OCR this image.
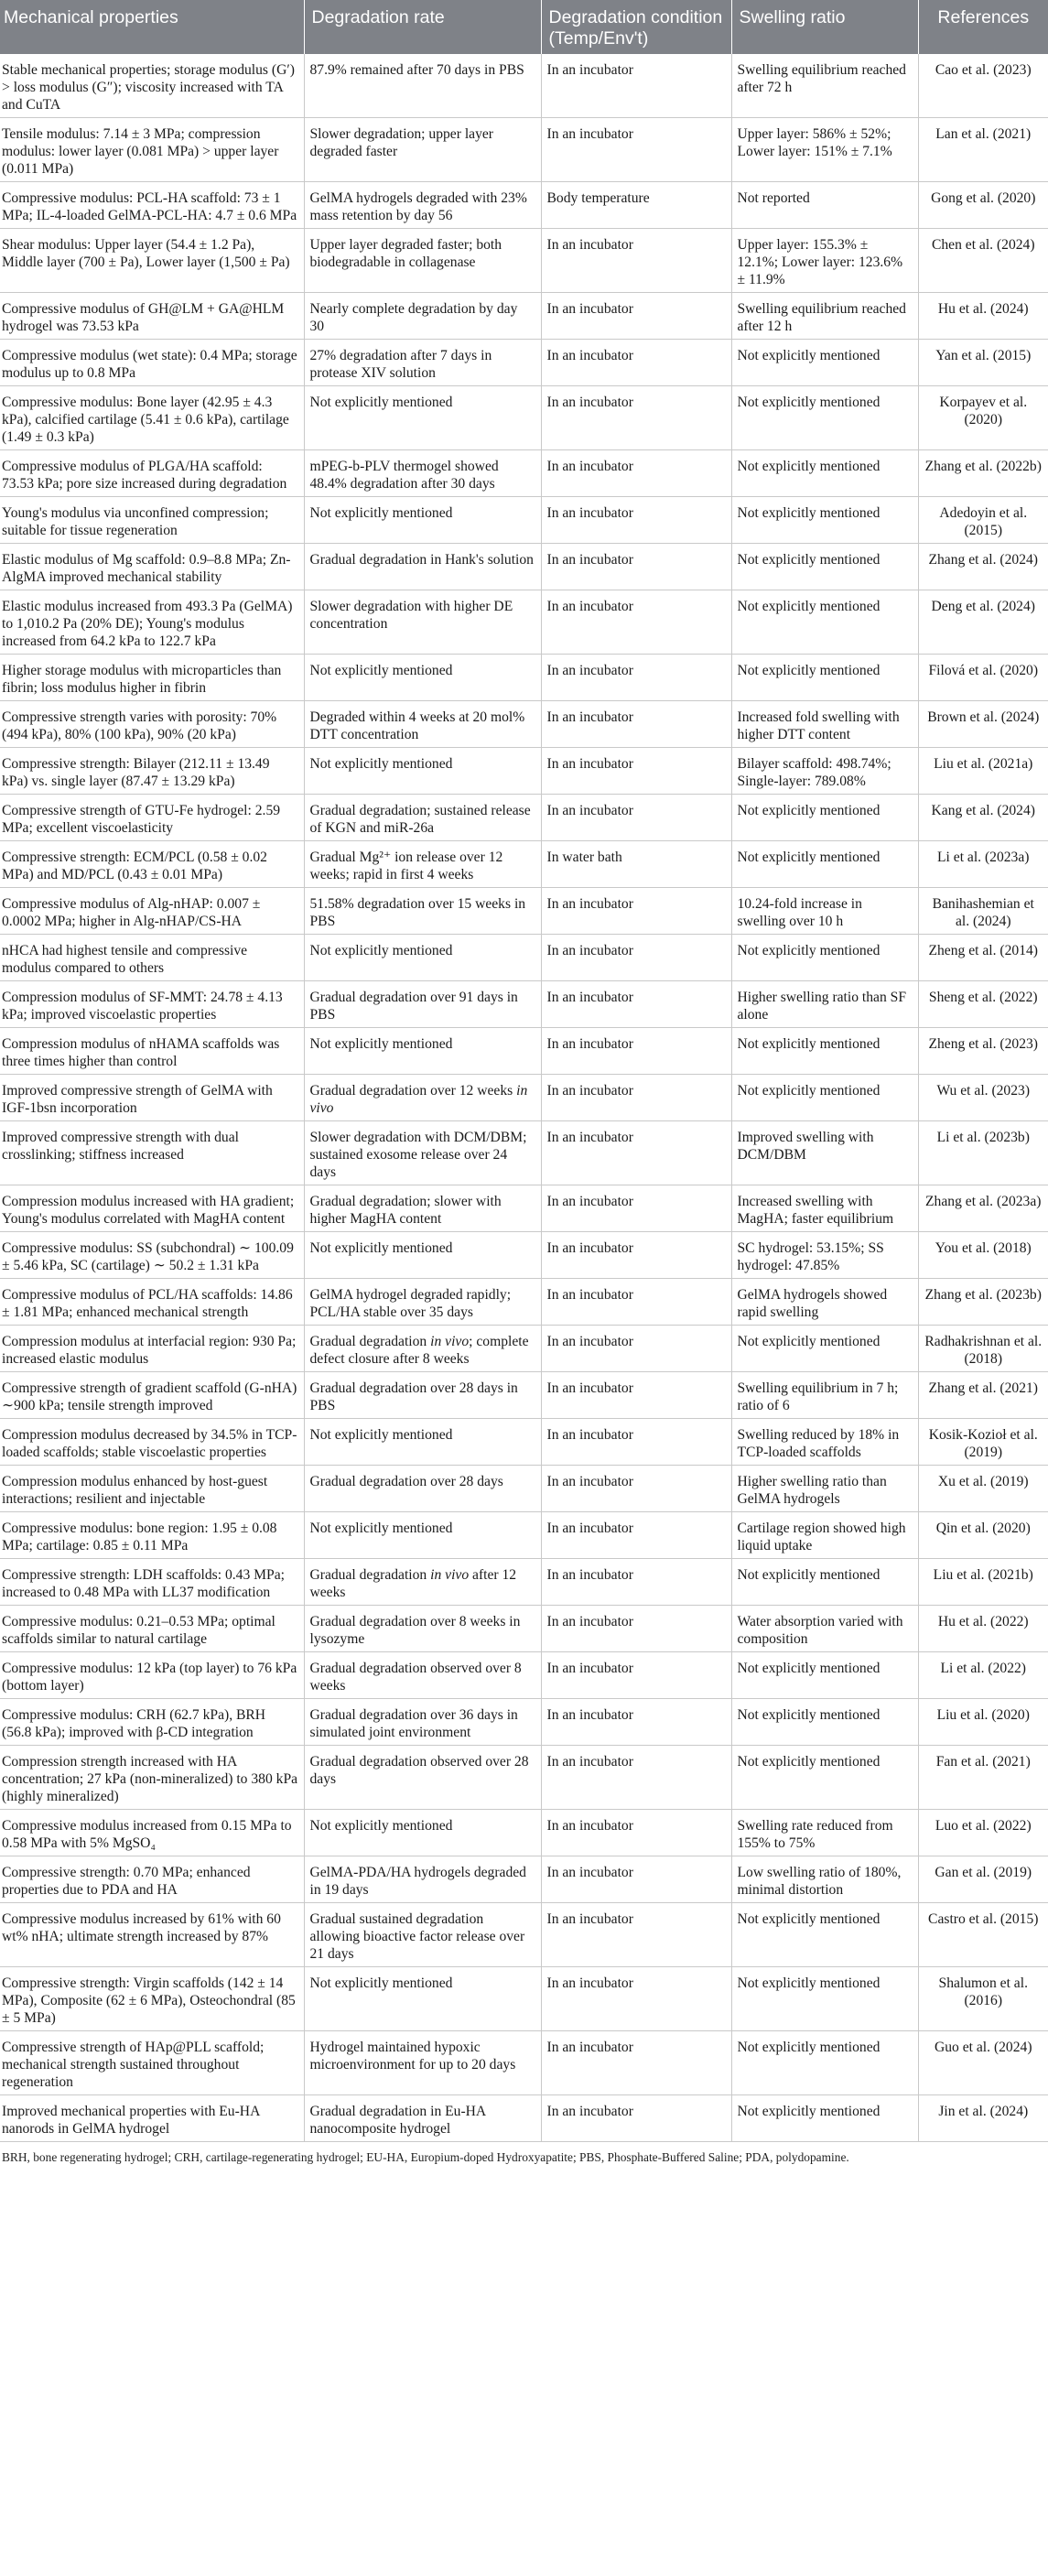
Mechanical properties	Degradation rate	Degradation condition (Temp/Env't)	Swelling ratio	References
Stable mechanical properties; storage modulus (G′) > loss modulus (G″); viscosity increased with TA and CuTA	87.9% remained after 70 days in PBS	In an incubator	Swelling equilibrium reached after 72 h	Cao et al. (2023)
Tensile modulus: 7.14 ± 3 MPa; compression modulus: lower layer (0.081 MPa) > upper layer (0.011 MPa)	Slower degradation; upper layer degraded faster	In an incubator	Upper layer: 586% ± 52%; Lower layer: 151% ± 7.1%	Lan et al. (2021)
Compressive modulus: PCL-HA scaffold: 73 ± 1 MPa; IL-4-loaded GelMA-PCL-HA: 4.7 ± 0.6 MPa	GelMA hydrogels degraded with 23% mass retention by day 56	Body temperature	Not reported	Gong et al. (2020)
Shear modulus: Upper layer (54.4 ± 1.2 Pa), Middle layer (700 ± Pa), Lower layer (1,500 ± Pa)	Upper layer degraded faster; both biodegradable in collagenase	In an incubator	Upper layer: 155.3% ± 12.1%; Lower layer: 123.6% ± 11.9%	Chen et al. (2024)
Compressive modulus of GH@LM + GA@HLM hydrogel was 73.53 kPa	Nearly complete degradation by day 30	In an incubator	Swelling equilibrium reached after 12 h	Hu et al. (2024)
Compressive modulus (wet state): 0.4 MPa; storage modulus up to 0.8 MPa	27% degradation after 7 days in protease XIV solution	In an incubator	Not explicitly mentioned	Yan et al. (2015)
Compressive modulus: Bone layer (42.95 ± 4.3 kPa), calcified cartilage (5.41 ± 0.6 kPa), cartilage (1.49 ± 0.3 kPa)	Not explicitly mentioned	In an incubator	Not explicitly mentioned	Korpayev et al. (2020)
Compressive modulus of PLGA/HA scaffold: 73.53 kPa; pore size increased during degradation	mPEG-b-PLV thermogel showed 48.4% degradation after 30 days	In an incubator	Not explicitly mentioned	Zhang et al. (2022b)
Young's modulus via unconfined compression; suitable for tissue regeneration	Not explicitly mentioned	In an incubator	Not explicitly mentioned	Adedoyin et al. (2015)
Elastic modulus of Mg scaffold: 0.9–8.8 MPa; Zn-AlgMA improved mechanical stability	Gradual degradation in Hank's solution	In an incubator	Not explicitly mentioned	Zhang et al. (2024)
Elastic modulus increased from 493.3 Pa (GelMA) to 1,010.2 Pa (20% DE); Young's modulus increased from 64.2 kPa to 122.7 kPa	Slower degradation with higher DE concentration	In an incubator	Not explicitly mentioned	Deng et al. (2024)
Higher storage modulus with microparticles than fibrin; loss modulus higher in fibrin	Not explicitly mentioned	In an incubator	Not explicitly mentioned	Filová et al. (2020)
Compressive strength varies with porosity: 70% (494 kPa), 80% (100 kPa), 90% (20 kPa)	Degraded within 4 weeks at 20 mol% DTT concentration	In an incubator	Increased fold swelling with higher DTT content	Brown et al. (2024)
Compressive strength: Bilayer (212.11 ± 13.49 kPa) vs. single layer (87.47 ± 13.29 kPa)	Not explicitly mentioned	In an incubator	Bilayer scaffold: 498.74%; Single-layer: 789.08%	Liu et al. (2021a)
Compressive strength of GTU-Fe hydrogel: 2.59 MPa; excellent viscoelasticity	Gradual degradation; sustained release of KGN and miR-26a	In an incubator	Not explicitly mentioned	Kang et al. (2024)
Compressive strength: ECM/PCL (0.58 ± 0.02 MPa) and MD/PCL (0.43 ± 0.01 MPa)	Gradual Mg²⁺ ion release over 12 weeks; rapid in first 4 weeks	In water bath	Not explicitly mentioned	Li et al. (2023a)
Compressive modulus of Alg-nHAP: 0.007 ± 0.0002 MPa; higher in Alg-nHAP/CS-HA	51.58% degradation over 15 weeks in PBS	In an incubator	10.24-fold increase in swelling over 10 h	Banihashemian et al. (2024)
nHCA had highest tensile and compressive modulus compared to others	Not explicitly mentioned	In an incubator	Not explicitly mentioned	Zheng et al. (2014)
Compression modulus of SF-MMT: 24.78 ± 4.13 kPa; improved viscoelastic properties	Gradual degradation over 91 days in PBS	In an incubator	Higher swelling ratio than SF alone	Sheng et al. (2022)
Compression modulus of nHAMA scaffolds was three times higher than control	Not explicitly mentioned	In an incubator	Not explicitly mentioned	Zheng et al. (2023)
Improved compressive strength of GelMA with IGF-1bsn incorporation	Gradual degradation over 12 weeks in vivo	In an incubator	Not explicitly mentioned	Wu et al. (2023)
Improved compressive strength with dual crosslinking; stiffness increased	Slower degradation with DCM/DBM; sustained exosome release over 24 days	In an incubator	Improved swelling with DCM/DBM	Li et al. (2023b)
Compression modulus increased with HA gradient; Young's modulus correlated with MagHA content	Gradual degradation; slower with higher MagHA content	In an incubator	Increased swelling with MagHA; faster equilibrium	Zhang et al. (2023a)
Compressive modulus: SS (subchondral) ∼ 100.09 ± 5.46 kPa, SC (cartilage) ∼ 50.2 ± 1.31 kPa	Not explicitly mentioned	In an incubator	SC hydrogel: 53.15%; SS hydrogel: 47.85%	You et al. (2018)
Compressive modulus of PCL/HA scaffolds: 14.86 ± 1.81 MPa; enhanced mechanical strength	GelMA hydrogel degraded rapidly; PCL/HA stable over 35 days	In an incubator	GelMA hydrogels showed rapid swelling	Zhang et al. (2023b)
Compression modulus at interfacial region: 930 Pa; increased elastic modulus	Gradual degradation in vivo; complete defect closure after 8 weeks	In an incubator	Not explicitly mentioned	Radhakrishnan et al. (2018)
Compressive strength of gradient scaffold (G-nHA) ∼900 kPa; tensile strength improved	Gradual degradation over 28 days in PBS	In an incubator	Swelling equilibrium in 7 h; ratio of 6	Zhang et al. (2021)
Compression modulus decreased by 34.5% in TCP-loaded scaffolds; stable viscoelastic properties	Not explicitly mentioned	In an incubator	Swelling reduced by 18% in TCP-loaded scaffolds	Kosik-Kozioł et al. (2019)
Compression modulus enhanced by host-guest interactions; resilient and injectable	Gradual degradation over 28 days	In an incubator	Higher swelling ratio than GelMA hydrogels	Xu et al. (2019)
Compressive modulus: bone region: 1.95 ± 0.08 MPa; cartilage: 0.85 ± 0.11 MPa	Not explicitly mentioned	In an incubator	Cartilage region showed high liquid uptake	Qin et al. (2020)
Compressive strength: LDH scaffolds: 0.43 MPa; increased to 0.48 MPa with LL37 modification	Gradual degradation in vivo after 12 weeks	In an incubator	Not explicitly mentioned	Liu et al. (2021b)
Compressive modulus: 0.21–0.53 MPa; optimal scaffolds similar to natural cartilage	Gradual degradation over 8 weeks in lysozyme	In an incubator	Water absorption varied with composition	Hu et al. (2022)
Compressive modulus: 12 kPa (top layer) to 76 kPa (bottom layer)	Gradual degradation observed over 8 weeks	In an incubator	Not explicitly mentioned	Li et al. (2022)
Compressive modulus: CRH (62.7 kPa), BRH (56.8 kPa); improved with β-CD integration	Gradual degradation over 36 days in simulated joint environment	In an incubator	Not explicitly mentioned	Liu et al. (2020)
Compression strength increased with HA concentration; 27 kPa (non-mineralized) to 380 kPa (highly mineralized)	Gradual degradation observed over 28 days	In an incubator	Not explicitly mentioned	Fan et al. (2021)
Compressive modulus increased from 0.15 MPa to 0.58 MPa with 5% MgSO₄	Not explicitly mentioned	In an incubator	Swelling rate reduced from 155% to 75%	Luo et al. (2022)
Compressive strength: 0.70 MPa; enhanced properties due to PDA and HA	GelMA-PDA/HA hydrogels degraded in 19 days	In an incubator	Low swelling ratio of 180%, minimal distortion	Gan et al. (2019)
Compressive modulus increased by 61% with 60 wt% nHA; ultimate strength increased by 87%	Gradual sustained degradation allowing bioactive factor release over 21 days	In an incubator	Not explicitly mentioned	Castro et al. (2015)
Compressive strength: Virgin scaffolds (142 ± 14 MPa), Composite (62 ± 6 MPa), Osteochondral (85 ± 5 MPa)	Not explicitly mentioned	In an incubator	Not explicitly mentioned	Shalumon et al. (2016)
Compressive strength of HAp@PLL scaffold; mechanical strength sustained throughout regeneration	Hydrogel maintained hypoxic microenvironment for up to 20 days	In an incubator	Not explicitly mentioned	Guo et al. (2024)
Improved mechanical properties with Eu-HA nanorods in GelMA hydrogel	Gradual degradation in Eu-HA nanocomposite hydrogel	In an incubator	Not explicitly mentioned	Jin et al. (2024)
BRH, bone regenerating hydrogel; CRH, cartilage-regenerating hydrogel; EU-HA, Europium-doped Hydroxyapatite; PBS, Phosphate-Buffered Saline; PDA, polydopamine.
